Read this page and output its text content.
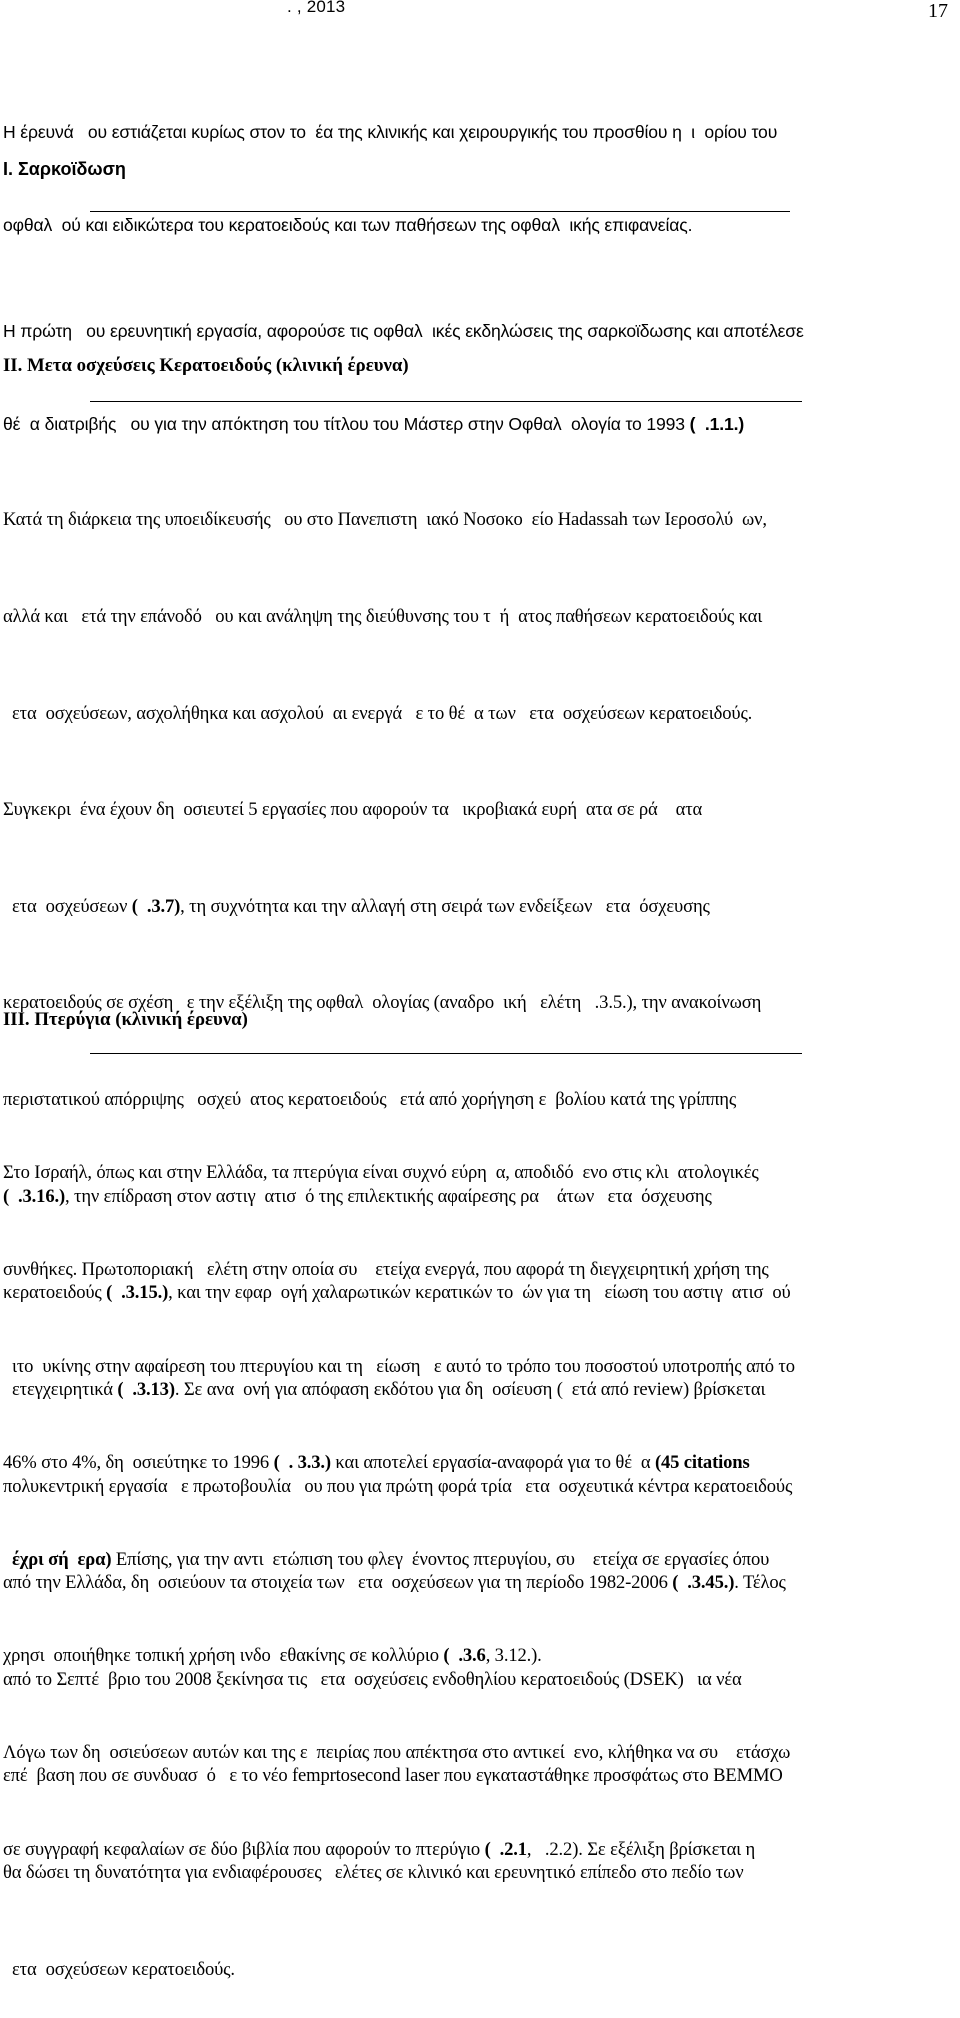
. , 2013	17

Η έρευνά   ου εστιάζεται κυρίως στον το  έα της κλινικής και χειρουργικής του προσθίου η  ι  ορίου του

οφθαλ  ού και ειδικώτερα του κερατοειδούς και των παθήσεων της οφθαλ  ικής επιφανείας.

Ι. Σαρκοϊδωση

Η πρώτη   ου ερευνητική εργασία, αφορούσε τις οφθαλ  ικές εκδηλώσεις της σαρκοϊδωσης και αποτέλεσε

θέ  α διατριβής   ου για την απόκτηση του τίτλου του Μάστερ στην Οφθαλ  ολογία το 1993 (  .1.1.)

ΙΙ. Μετα οσχεύσεις Κερατοειδούς (κλινική έρευνα)

Κατά τη διάρκεια της υποειδίκευσής   ου στο Πανεπιστη  ιακό Νοσοκο  είο Hadassah των Ιεροσολύ  ων,

αλλά και   ετά την επάνοδό   ου και ανάληψη της διεύθυνσης του τ  ή  ατος παθήσεων κερατοειδούς και

ετα  οσχεύσεων, ασχολήθηκα και ασχολού  αι ενεργά   ε το θέ  α των   ετα  οσχεύσεων κερατοειδούς.

Συγκεκρι  ένα έχουν δη  οσιευτεί 5 εργασίες που αφορούν τα   ικροβιακά ευρή  ατα σε ρά    ατα

ετα  οσχεύσεων (  .3.7), τη συχνότητα και την αλλαγή στη σειρά των ενδείξεων   ετα  όσχευσης

κερατοειδούς σε σχέση   ε την εξέλιξη της οφθαλ  ολογίας (αναδρο  ική   ελέτη   .3.5.), την ανακοίνωση

περιστατικού απόρριψης   οσχεύ  ατος κερατοειδούς   ετά από χορήγηση ε  βολίου κατά της γρίππης

(  .3.16.), την επίδραση στον αστιγ  ατισ  ό της επιλεκτικής αφαίρεσης ρα    άτων   ετα  όσχευσης

κερατοειδούς (  .3.15.), και την εφαρ  ογή χαλαρωτικών κερατικών το  ών για τη   είωση του αστιγ  ατισ  ού

ετεγχειρητικά (  .3.13). Σε ανα  ονή για απόφαση εκδότου για δη  οσίευση (  ετά από review) βρίσκεται

πολυκεντρική εργασία   ε πρωτοβουλία   ου που για πρώτη φορά τρία   ετα  οσχευτικά κέντρα κερατοειδούς

από την Ελλάδα, δη  οσιεύουν τα στοιχεία των   ετα  οσχεύσεων για τη περίοδο 1982-2006 (  .3.45.). Τέλος

από το Σεπτέ  βριο του 2008 ξεκίνησα τις   ετα  οσχεύσεις ενδοθηλίου κερατοειδούς (DSEK)   ια νέα

επέ  βαση που σε συνδυασ  ό   ε το νέο femprtosecond laser που εγκαταστάθηκε προσφάτως στο ΒΕΜΜΟ

θα δώσει τη δυνατότητα για ενδιαφέρουσες   ελέτες σε κλινικό και ερευνητικό επίπεδο στο πεδίο των

ετα  οσχεύσεων κερατοειδούς.

ΙΙΙ. Πτερύγια (κλινική έρευνα)

Στο Ισραήλ, όπως και στην Ελλάδα, τα πτερύγια είναι συχνό εύρη  α, αποδιδό  ενο στις κλι  ατολογικές

συνθήκες. Πρωτοποριακή   ελέτη στην οποία συ    ετείχα ενεργά, που αφορά τη διεγχειρητική χρήση της

ιτο  υκίνης στην αφαίρεση του πτερυγίου και τη   είωση   ε αυτό το τρόπο του ποσοστού υποτροπής από το

46% στο 4%, δη  οσιεύτηκε το 1996 (  . 3.3.) και αποτελεί εργασία-αναφορά για το θέ  α (45 citations

έχρι σή  ερα) Επίσης, για την αντι  ετώπιση του φλεγ  ένοντος πτερυγίου, συ    ετείχα σε εργασίες όπου

χρησι  οποιήθηκε τοπική χρήση ινδο  εθακίνης σε κολλύριο (  .3.6, 3.12.).

Λόγω των δη  οσιεύσεων αυτών και της ε  πειρίας που απέκτησα στο αντικεί  ενο, κλήθηκα να συ    ετάσχω

σε συγγραφή κεφαλαίων σε δύο βιβλία που αφορούν το πτερύγιο (  .2.1,   .2.2). Σε εξέλιξη βρίσκεται η
